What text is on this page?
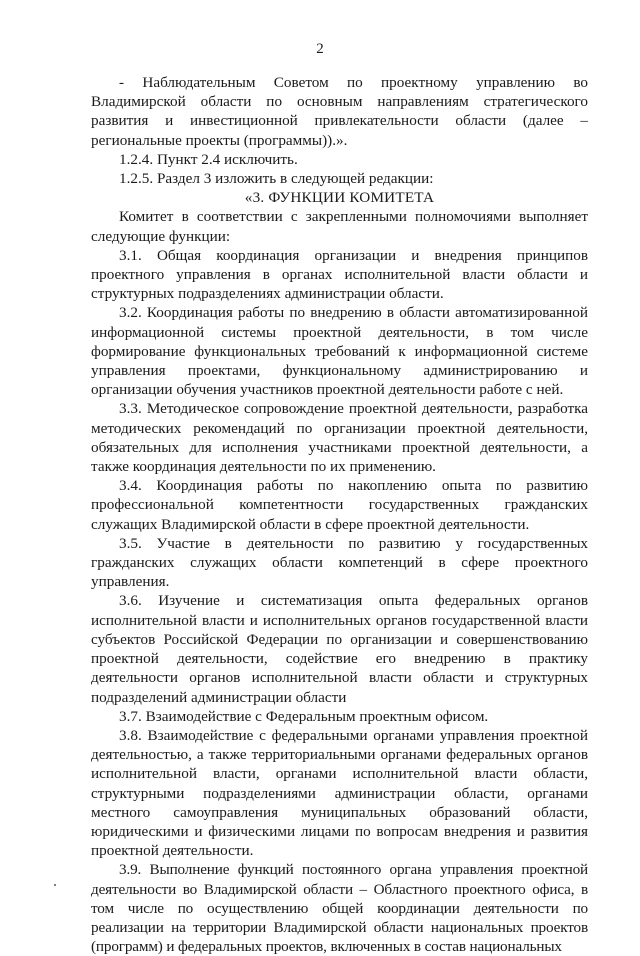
2

- Наблюдательным Советом по проектному управлению во Владимирской области по основным направлениям стратегического развития и инвестиционной привлекательности области (далее – региональные проекты (программы)).».

1.2.4. Пункт 2.4 исключить.

1.2.5. Раздел 3 изложить в следующей редакции:

«3. ФУНКЦИИ КОМИТЕТА

Комитет в соответствии с закрепленными полномочиями выполняет следующие функции:

3.1. Общая координация организации и внедрения принципов проектного управления в органах исполнительной власти области и структурных подразделениях администрации области.

3.2. Координация работы по внедрению в области автоматизированной информационной системы проектной деятельности, в том числе формирование функциональных требований к информационной системе управления проектами, функциональному администрированию и организации обучения участников проектной деятельности работе с ней.

3.3. Методическое сопровождение проектной деятельности, разработка методических рекомендаций по организации проектной деятельности, обязательных для исполнения участниками проектной деятельности, а также координация деятельности по их применению.

3.4. Координация работы по накоплению опыта по развитию профессиональной компетентности государственных гражданских служащих Владимирской области в сфере проектной деятельности.

3.5. Участие в деятельности по развитию у государственных гражданских служащих области компетенций в сфере проектного управления.

3.6. Изучение и систематизация опыта федеральных органов исполнительной власти и исполнительных органов государственной власти субъектов Российской Федерации по организации и совершенствованию проектной деятельности, содействие его внедрению в практику деятельности органов исполнительной власти области и структурных подразделений администрации области

3.7. Взаимодействие с Федеральным проектным офисом.

3.8. Взаимодействие с федеральными органами управления проектной деятельностью, а также территориальными органами федеральных органов исполнительной власти, органами исполнительной власти области, структурными подразделениями администрации области, органами местного самоуправления муниципальных образований области, юридическими и физическими лицами по вопросам внедрения и развития проектной деятельности.

3.9. Выполнение функций постоянного органа управления проектной деятельности во Владимирской области – Областного проектного офиса, в том числе по осуществлению общей координации деятельности по реализации на территории Владимирской области национальных проектов (программ) и федеральных проектов, включенных в состав национальных
